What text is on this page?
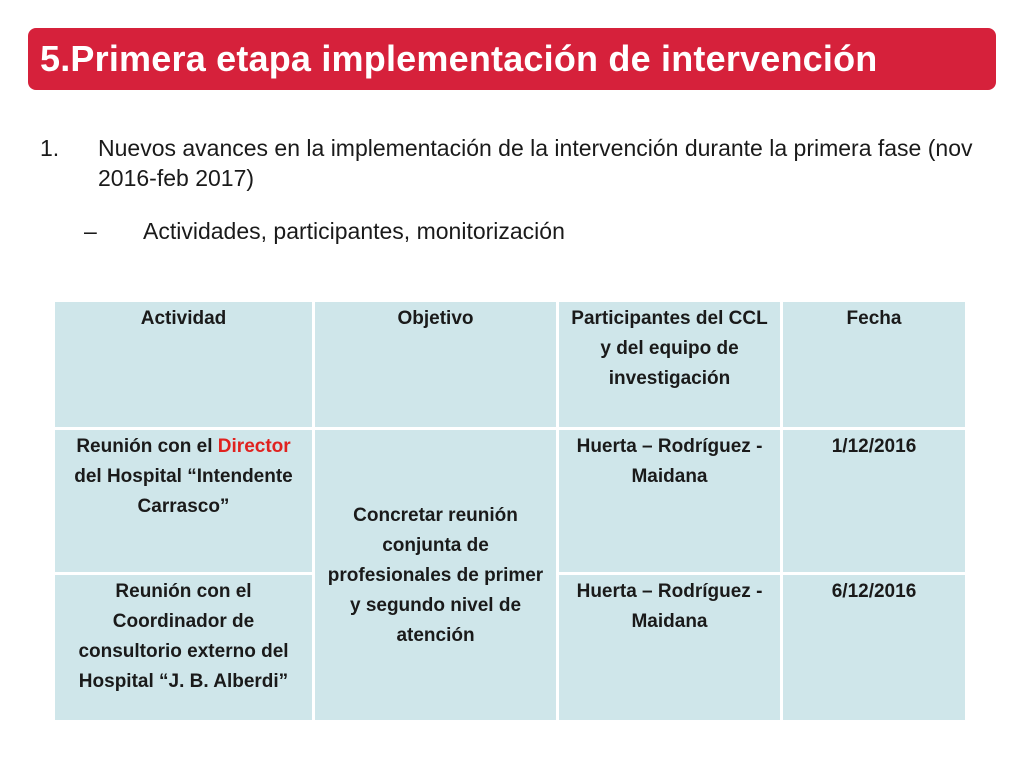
5.Primera etapa implementación de intervención
1.	Nuevos avances en la implementación de la intervención durante la primera fase (nov 2016-feb 2017)
– Actividades, participantes, monitorización
Actividad	Objetivo	Participantes del CCL y del equipo de investigación	Fecha
Reunión con el Director del Hospital “Intendente Carrasco”	Concretar reunión conjunta de profesionales de primer y segundo nivel de atención	Huerta – Rodríguez - Maidana	1/12/2016
Reunión con el Coordinador de consultorio externo del Hospital “J. B. Alberdi”		Huerta – Rodríguez - Maidana	6/12/2016
